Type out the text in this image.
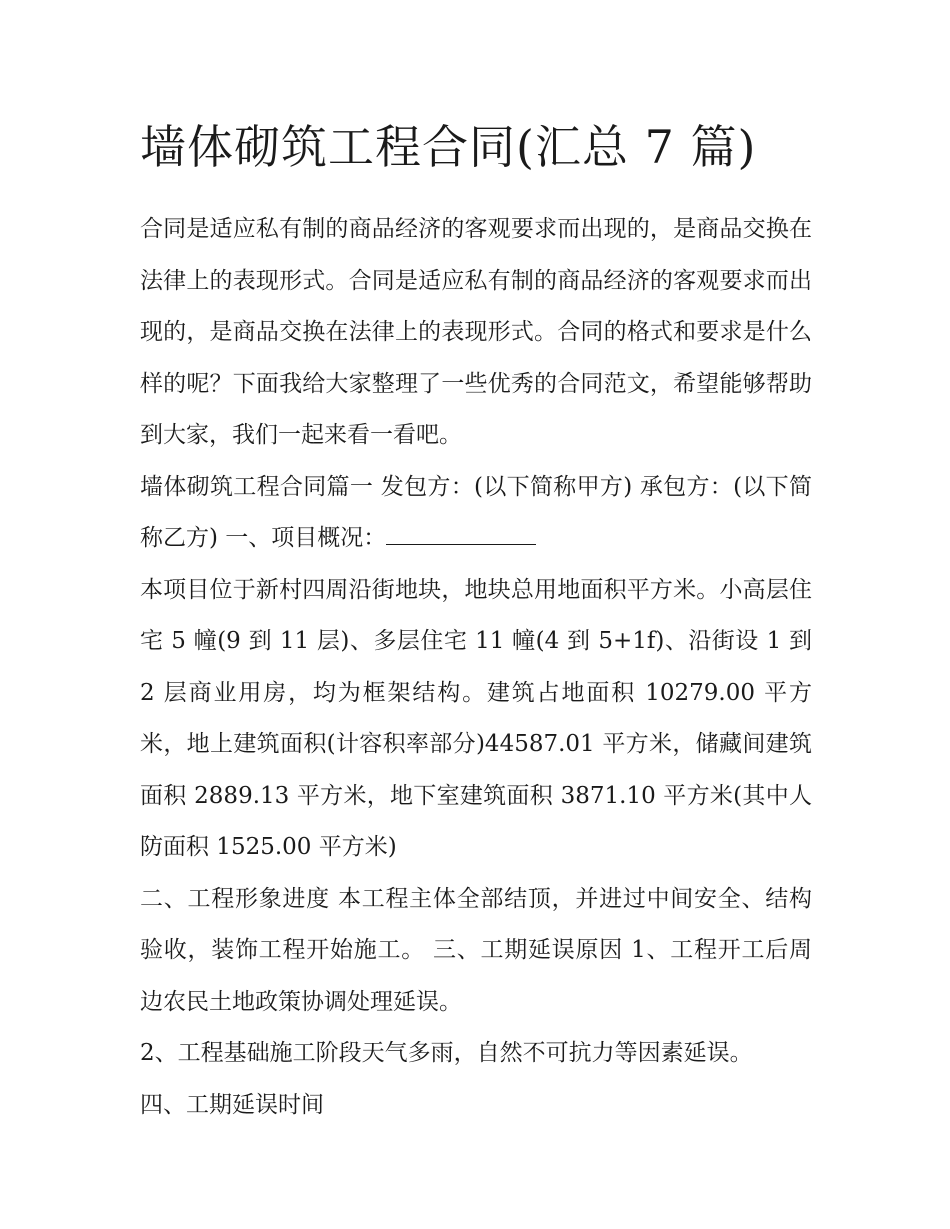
墙体砌筑工程合同(汇总 7 篇)

合同是适应私有制的商品经济的客观要求而出现的，是商品交换在法律上的表现形式。合同是适应私有制的商品经济的客观要求而出现的，是商品交换在法律上的表现形式。合同的格式和要求是什么样的呢？下面我给大家整理了一些优秀的合同范文，希望能够帮助到大家，我们一起来看一看吧。

墙体砌筑工程合同篇一 发包方：(以下简称甲方) 承包方：(以下简称乙方) 一、项目概况：

本项目位于新村四周沿街地块，地块总用地面积平方米。小高层住宅 5 幢(9 到 11 层)、多层住宅 11 幢(4 到 5+1f)、沿街设 1 到 2 层商业用房，均为框架结构。建筑占地面积 10279.00 平方米，地上建筑面积(计容积率部分)44587.01 平方米，储藏间建筑面积 2889.13 平方米，地下室建筑面积 3871.10 平方米(其中人防面积 1525.00 平方米)

二、工程形象进度 本工程主体全部结顶，并进过中间安全、结构验收，装饰工程开始施工。 三、工期延误原因 1、工程开工后周边农民土地政策协调处理延误。

2、工程基础施工阶段天气多雨，自然不可抗力等因素延误。

四、工期延误时间
